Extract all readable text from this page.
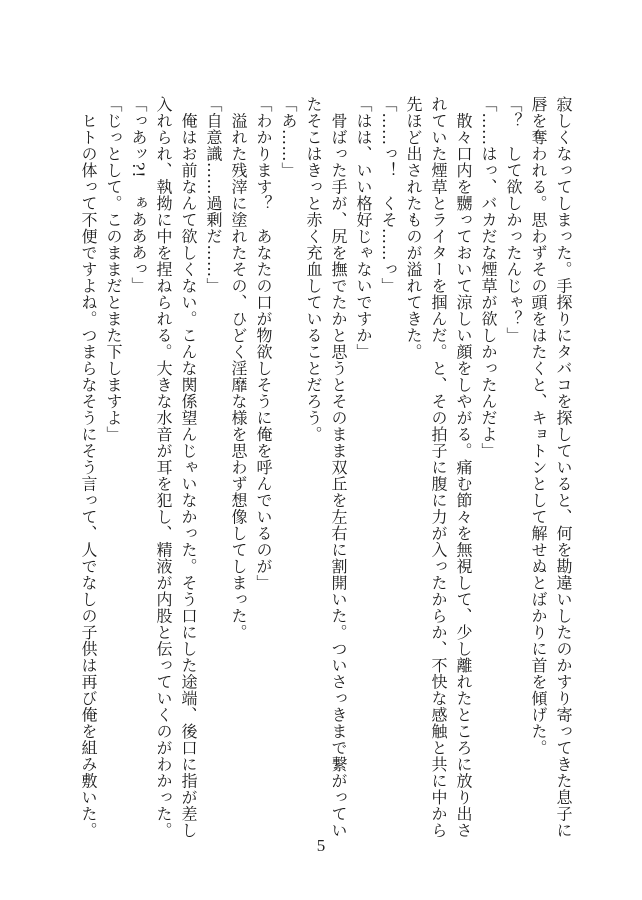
寂しくなってしまった。手探りにタバコを探していると、何を勘違いしたのかすり寄ってきた息子に
唇を奪われる。思わずその頭をはたくと、キョトンとして解せぬとばかりに首を傾げた。
「？　して欲しかったんじゃ？」
「……はっ、バカだな煙草が欲しかったんだよ」
　散々口内を嬲っておいて涼しい顔をしやがる。痛む節々を無視して、少し離れたところに放り出さ
れていた煙草とライターを掴んだ。と、その拍子に腹に力が入ったからか、不快な感触と共に中から
先ほど出されたものが溢れてきた。
「……っ！　くそ……っ」
「はは、いい格好じゃないですか」
　骨ばった手が、尻を撫でたかと思うとそのまま双丘を左右に割開いた。ついさっきまで繋がってい
たそこはきっと赤く充血していることだろう。
「あ……」
「わかります？　あなたの口が物欲しそうに俺を呼んでいるのが」
　溢れた残滓に塗れたその、ひどく淫靡な様を思わず想像してしまった。
「自意識……過剰だ……」
　俺はお前なんて欲しくない。こんな関係望んじゃいなかった。そう口にした途端、後口に指が差し
入れられ、執拗に中を捏ねられる。大きな水音が耳を犯し、精液が内股と伝っていくのがわかった。
「っあッ?!　ぁあああっ」
「じっとして。このままだとまた下しますよ」
　ヒトの体って不便ですよね。つまらなそうにそう言って、人でなしの子供は再び俺を組み敷いた。
5
